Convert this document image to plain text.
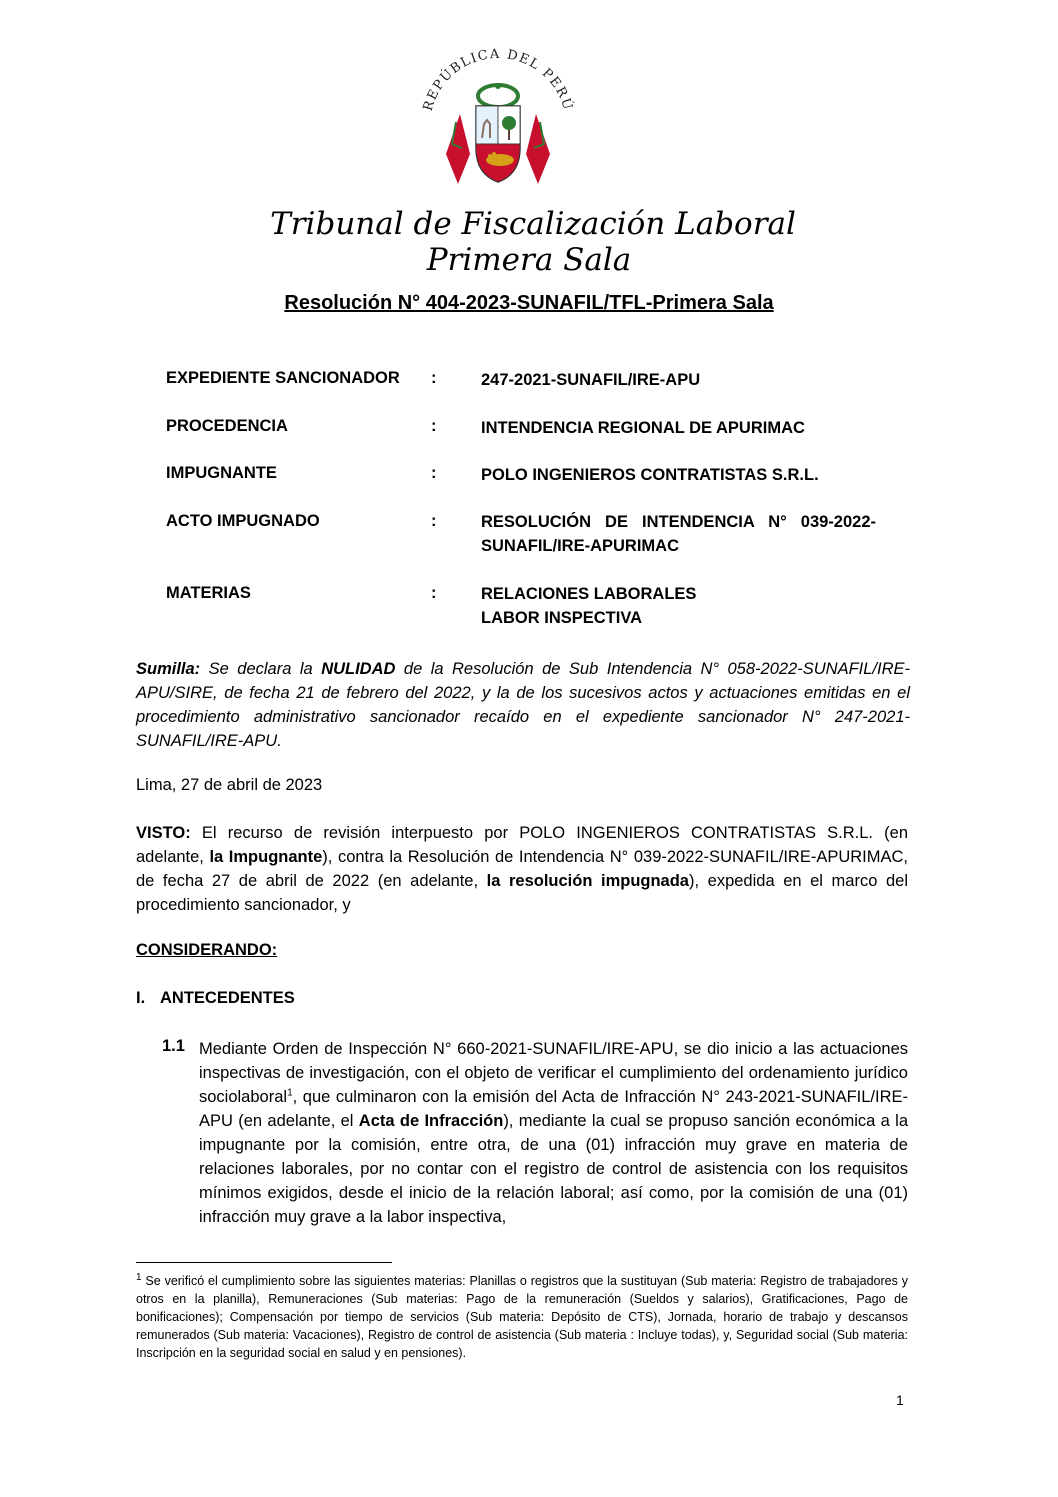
REPÚBLICA DEL PERÚ
Tribunal de Fiscalización Laboral
Primera Sala
Resolución N° 404-2023-SUNAFIL/TFL-Primera Sala
EXPEDIENTE SANCIONADOR :	247-2021-SUNAFIL/IRE-APU
PROCEDENCIA	:	INTENDENCIA REGIONAL DE APURIMAC
IMPUGNANTE	:	POLO INGENIEROS CONTRATISTAS S.R.L.
ACTO IMPUGNADO	:	RESOLUCIÓN DE INTENDENCIA N° 039-2022-
SUNAFIL/IRE-APURIMAC
MATERIAS	:	RELACIONES LABORALES
LABOR INSPECTIVA
Sumilla: Se declara la NULIDAD de la Resolución de Sub Intendencia N° 058-2022-SUNAFIL/IRE-APU/SIRE, de fecha 21 de febrero del 2022, y la de los sucesivos actos y actuaciones emitidas en el procedimiento administrativo sancionador recaído en el expediente sancionador N° 247-2021-SUNAFIL/IRE-APU.
Lima, 27 de abril de 2023
VISTO: El recurso de revisión interpuesto por POLO INGENIEROS CONTRATISTAS S.R.L. (en adelante, la Impugnante), contra la Resolución de Intendencia N° 039-2022-SUNAFIL/IRE-APURIMAC, de fecha 27 de abril de 2022 (en adelante, la resolución impugnada), expedida en el marco del procedimiento sancionador, y
CONSIDERANDO:
I. ANTECEDENTES
1.1 Mediante Orden de Inspección N° 660-2021-SUNAFIL/IRE-APU, se dio inicio a las actuaciones inspectivas de investigación, con el objeto de verificar el cumplimiento del ordenamiento jurídico sociolaboral$^1$, que culminaron con la emisión del Acta de Infracción N° 243-2021-SUNAFIL/IRE-APU (en adelante, el Acta de Infracción), mediante la cual se propuso sanción económica a la impugnante por la comisión, entre otra, de una (01) infracción muy grave en materia de relaciones laborales, por no contar con el registro de control de asistencia con los requisitos mínimos exigidos, desde el inicio de la relación laboral; así como, por la comisión de una (01) infracción muy grave a la labor inspectiva,
$^1$ Se verificó el cumplimiento sobre las siguientes materias: Planillas o registros que la sustituyan (Sub materia: Registro de trabajadores y otros en la planilla), Remuneraciones (Sub materias: Pago de la remuneración (Sueldos y salarios), Gratificaciones, Pago de bonificaciones); Compensación por tiempo de servicios (Sub materia: Depósito de CTS), Jornada, horario de trabajo y descansos remunerados (Sub materia: Vacaciones), Registro de control de asistencia (Sub materia : Incluye todas), y, Seguridad social (Sub materia: Inscripción en la seguridad social en salud y en pensiones).
1
